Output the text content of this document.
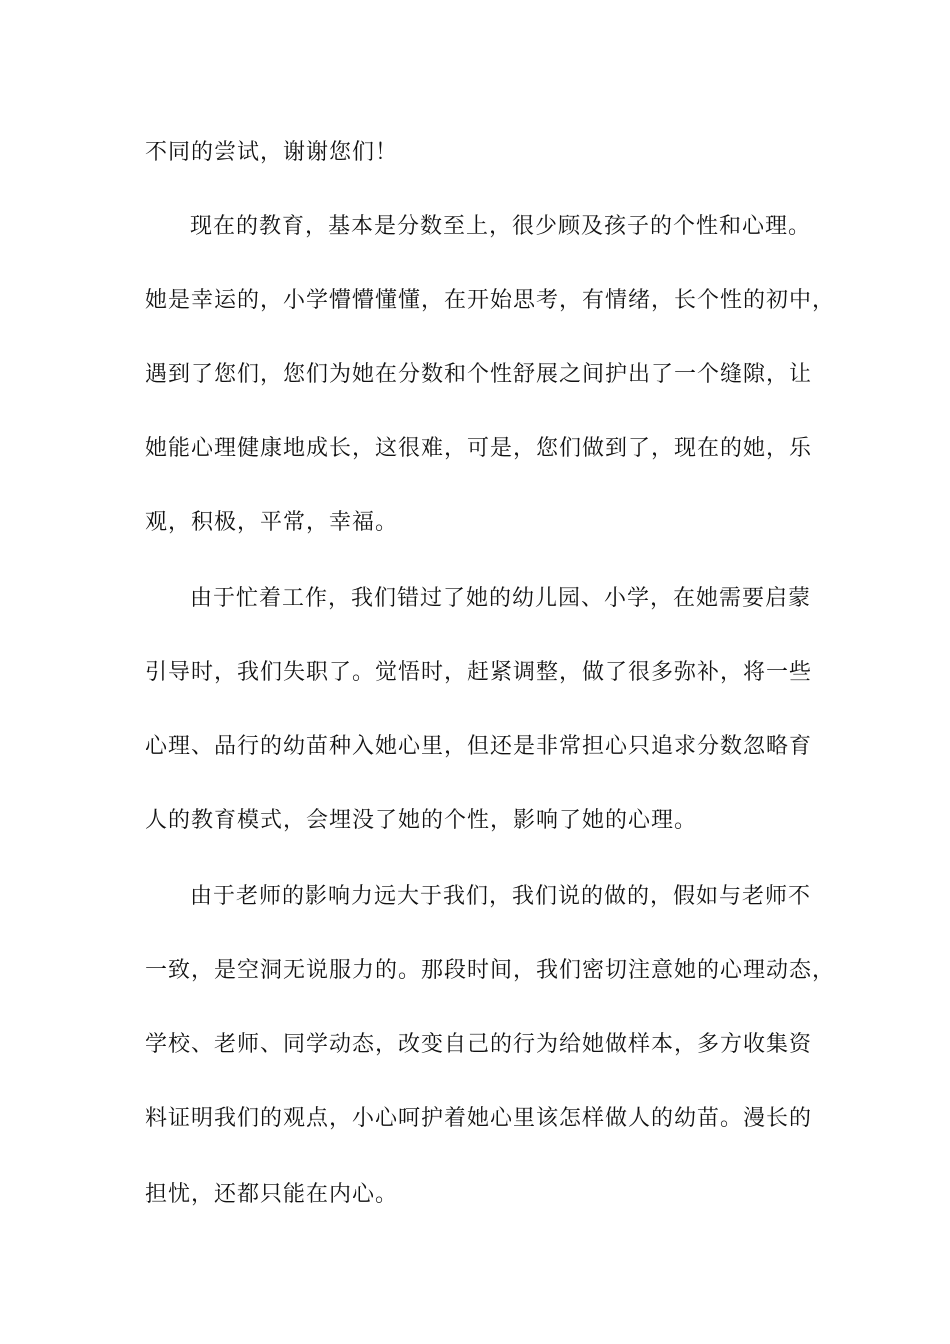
不同的尝试，谢谢您们！
现在的教育，基本是分数至上，很少顾及孩子的个性和心理。
她是幸运的，小学懵懵懂懂，在开始思考，有情绪，长个性的初中，
遇到了您们，您们为她在分数和个性舒展之间护出了一个缝隙，让
她能心理健康地成长，这很难，可是，您们做到了，现在的她，乐
观，积极，平常，幸福。
由于忙着工作，我们错过了她的幼儿园、小学，在她需要启蒙
引导时，我们失职了。觉悟时，赶紧调整，做了很多弥补，将一些
心理、品行的幼苗种入她心里，但还是非常担心只追求分数忽略育
人的教育模式，会埋没了她的个性，影响了她的心理。
由于老师的影响力远大于我们，我们说的做的，假如与老师不
一致，是空洞无说服力的。那段时间，我们密切注意她的心理动态，
学校、老师、同学动态，改变自己的行为给她做样本，多方收集资
料证明我们的观点，小心呵护着她心里该怎样做人的幼苗。漫长的
担忧，还都只能在内心。
